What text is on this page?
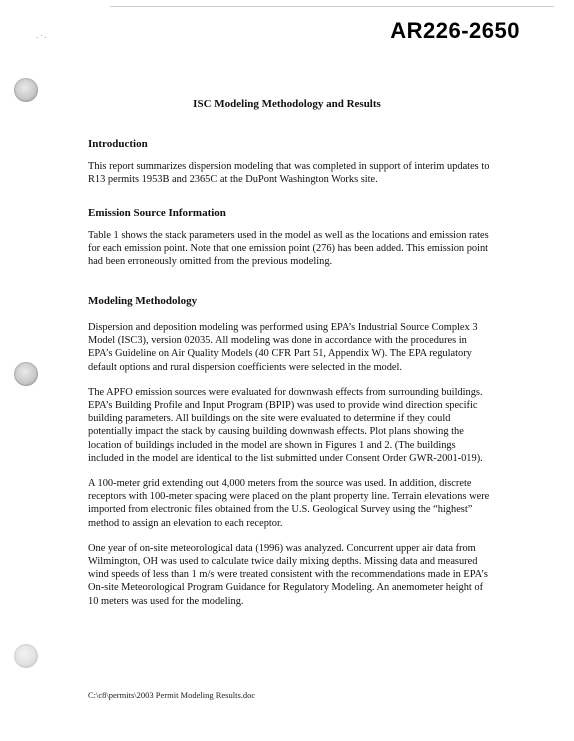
· ˙ ·	AR226-2650
ISC Modeling Methodology and Results

Introduction

This report summarizes dispersion modeling that was completed in support of interim updates to
R13 permits 1953B and 2365C at the DuPont Washington Works site.

Emission Source Information

Table 1 shows the stack parameters used in the model as well as the locations and emission rates
for each emission point. Note that one emission point (276) has been added. This emission point
had been erroneously omitted from the previous modeling.

Modeling Methodology

Dispersion and deposition modeling was performed using EPA’s Industrial Source Complex 3
Model (ISC3), version 02035. All modeling was done in accordance with the procedures in
EPA’s Guideline on Air Quality Models (40 CFR Part 51, Appendix W). The EPA regulatory
default options and rural dispersion coefficients were selected in the model.

The APFO emission sources were evaluated for downwash effects from surrounding buildings.
EPA’s Building Profile and Input Program (BPIP) was used to provide wind direction specific
building parameters. All buildings on the site were evaluated to determine if they could
potentially impact the stack by causing building downwash effects. Plot plans showing the
location of buildings included in the model are shown in Figures 1 and 2. (The buildings
included in the model are identical to the list submitted under Consent Order GWR-2001-019).

A 100-meter grid extending out 4,000 meters from the source was used. In addition, discrete
receptors with 100-meter spacing were placed on the plant property line. Terrain elevations were
imported from electronic files obtained from the U.S. Geological Survey using the “highest”
method to assign an elevation to each receptor.

One year of on-site meteorological data (1996) was analyzed. Concurrent upper air data from
Wilmington, OH was used to calculate twice daily mixing depths. Missing data and measured
wind speeds of less than 1 m/s were treated consistent with the recommendations made in EPA’s
On-site Meteorological Program Guidance for Regulatory Modeling. An anemometer height of
10 meters was used for the modeling.

C:\c8\permits\2003 Permit Modeling Results.doc
